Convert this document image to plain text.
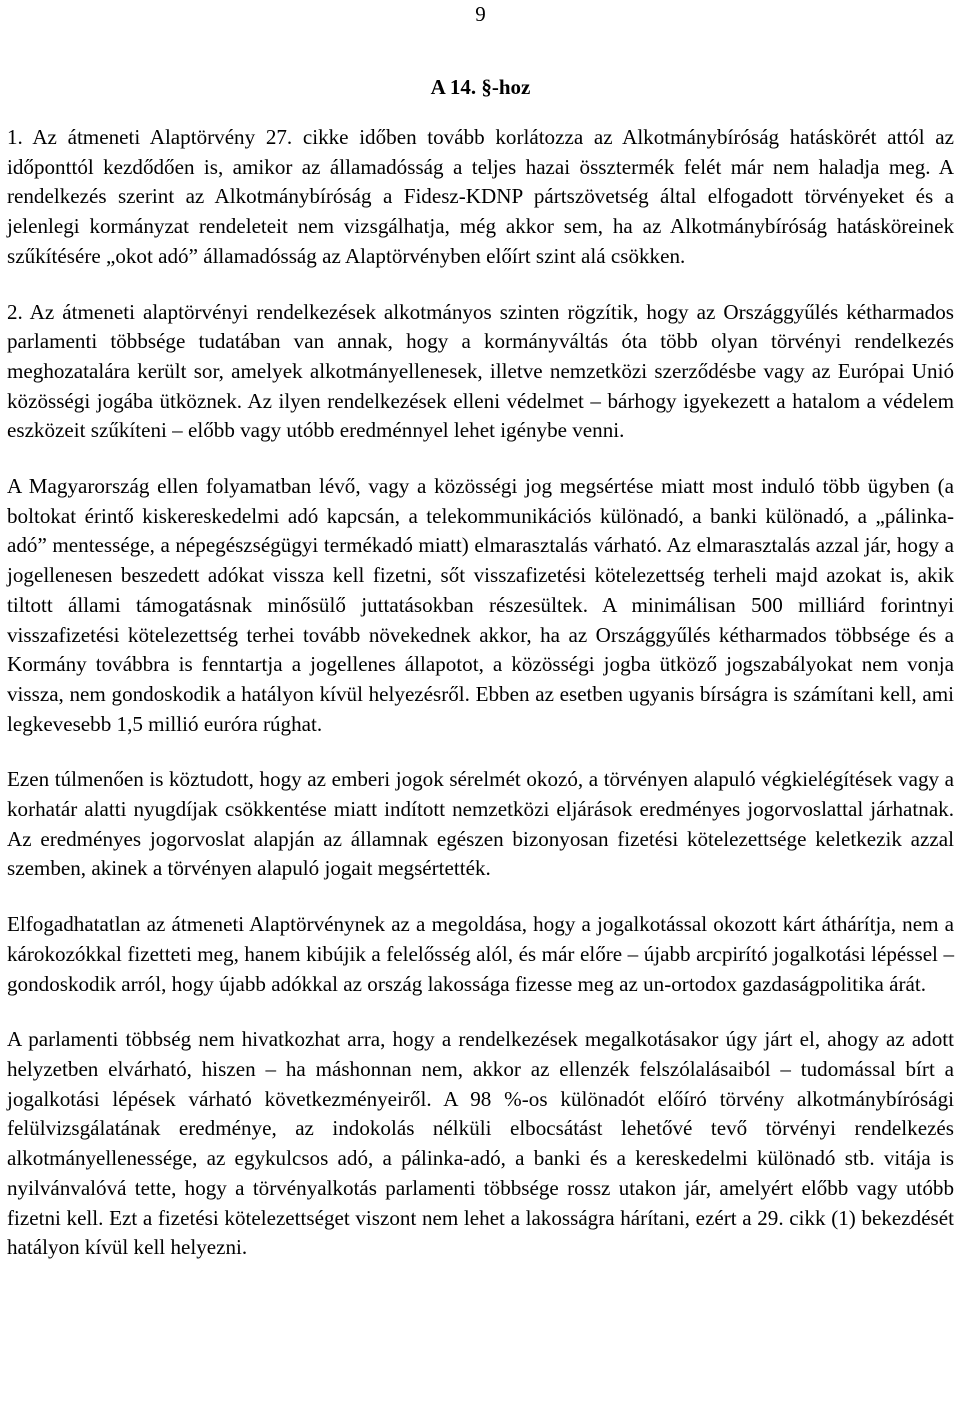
9
A 14. §-hoz

1. Az átmeneti Alaptörvény 27. cikke időben tovább korlátozza az Alkotmánybíróság hatáskörét attól az időponttól kezdődően is, amikor az államadósság a teljes hazai össztermék felét már nem haladja meg. A rendelkezés szerint az Alkotmánybíróság a Fidesz-KDNP pártszövetség által elfogadott törvényeket és a jelenlegi kormányzat rendeleteit nem vizsgálhatja, még akkor sem, ha az Alkotmánybíróság hatásköreinek szűkítésére „okot adó” államadósság az Alaptörvényben előírt szint alá csökken.

2. Az átmeneti alaptörvényi rendelkezések alkotmányos szinten rögzítik, hogy az Országgyűlés kétharmados parlamenti többsége tudatában van annak, hogy a kormányváltás óta több olyan törvényi rendelkezés meghozatalára került sor, amelyek alkotmányellenesek, illetve nemzetközi szerződésbe vagy az Európai Unió közösségi jogába ütköznek. Az ilyen rendelkezések elleni védelmet – bárhogy igyekezett a hatalom a védelem eszközeit szűkíteni – előbb vagy utóbb eredménnyel lehet igénybe venni.

A Magyarország ellen folyamatban lévő, vagy a közösségi jog megsértése miatt most induló több ügyben (a boltokat érintő kiskereskedelmi adó kapcsán, a telekommunikációs különadó, a banki különadó, a „pálinka-adó” mentessége, a népegészségügyi termékadó miatt) elmarasztalás várható. Az elmarasztalás azzal jár, hogy a jogellenesen beszedett adókat vissza kell fizetni, sőt visszafizetési kötelezettség terheli majd azokat is, akik tiltott állami támogatásnak minősülő juttatásokban részesültek. A minimálisan 500 milliárd forintnyi visszafizetési kötelezettség terhei tovább növekednek akkor, ha az Országgyűlés kétharmados többsége és a Kormány továbbra is fenntartja a jogellenes állapotot, a közösségi jogba ütköző jogszabályokat nem vonja vissza, nem gondoskodik a hatályon kívül helyezésről. Ebben az esetben ugyanis bírságra is számítani kell, ami legkevesebb 1,5 millió euróra rúghat.

Ezen túlmenően is köztudott, hogy az emberi jogok sérelmét okozó, a törvényen alapuló végkielégítések vagy a korhatár alatti nyugdíjak csökkentése miatt indított nemzetközi eljárások eredményes jogorvoslattal járhatnak. Az eredményes jogorvoslat alapján az államnak egészen bizonyosan fizetési kötelezettsége keletkezik azzal szemben, akinek a törvényen alapuló jogait megsértették.

Elfogadhatatlan az átmeneti Alaptörvénynek az a megoldása, hogy a jogalkotással okozott kárt áthárítja, nem a károkozókkal fizetteti meg, hanem kibújik a felelősség alól, és már előre – újabb arcpirító jogalkotási lépéssel – gondoskodik arról, hogy újabb adókkal az ország lakossága fizesse meg az un-ortodox gazdaságpolitika árát.

A parlamenti többség nem hivatkozhat arra, hogy a rendelkezések megalkotásakor úgy járt el, ahogy az adott helyzetben elvárható, hiszen – ha máshonnan nem, akkor az ellenzék felszólalásaiból – tudomással bírt a jogalkotási lépések várható következményeiről. A 98 %-os különadót előíró törvény alkotmánybírósági felülvizsgálatának eredménye, az indokolás nélküli elbocsátást lehetővé tevő törvényi rendelkezés alkotmányellenessége, az egykulcsos adó, a pálinka-adó, a banki és a kereskedelmi különadó stb. vitája is nyilvánvalóvá tette, hogy a törvényalkotás parlamenti többsége rossz utakon jár, amelyért előbb vagy utóbb fizetni kell. Ezt a fizetési kötelezettséget viszont nem lehet a lakosságra hárítani, ezért a 29. cikk (1) bekezdését hatályon kívül kell helyezni.
